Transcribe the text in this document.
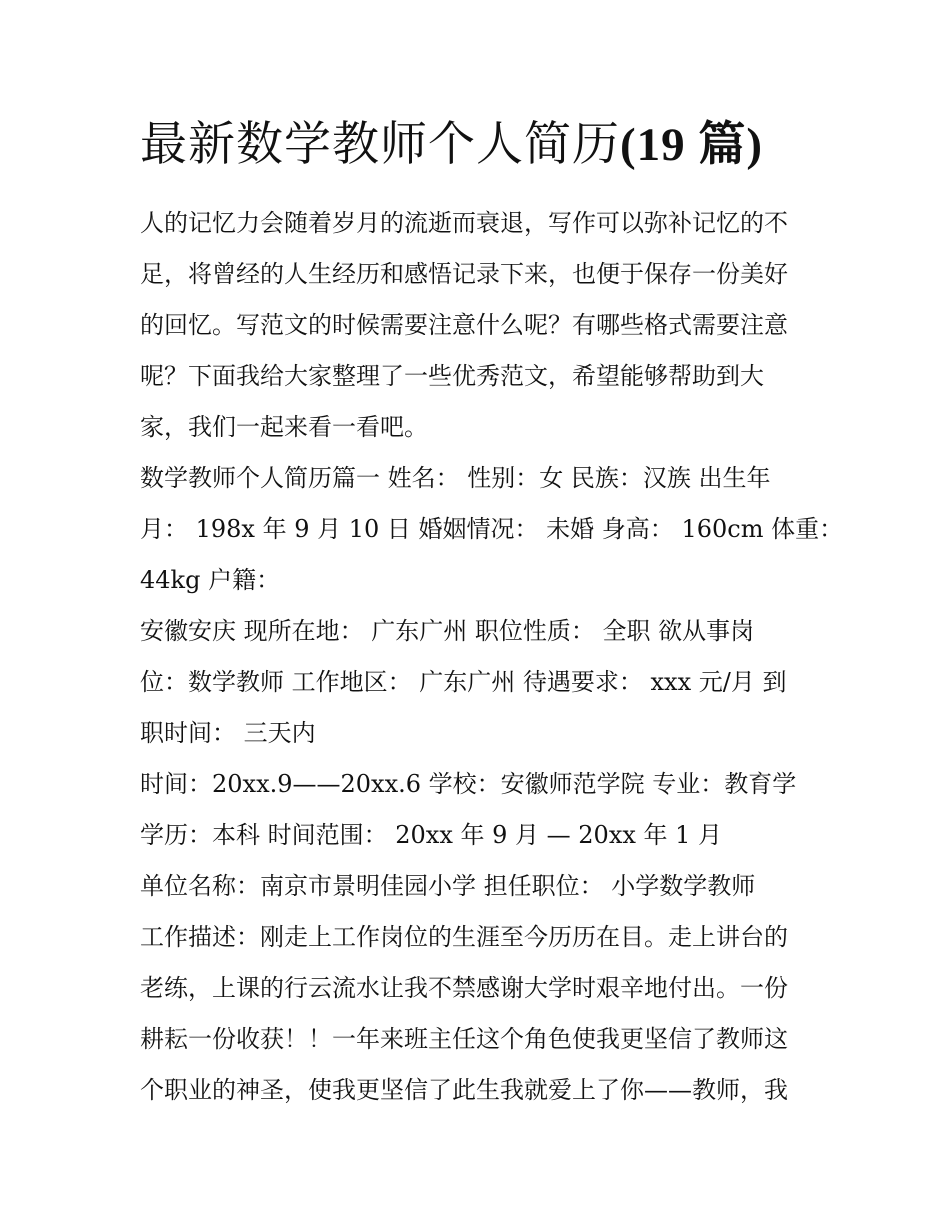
最新数学教师个人简历(19 篇)
人的记忆力会随着岁月的流逝而衰退，写作可以弥补记忆的不
足，将曾经的人生经历和感悟记录下来，也便于保存一份美好
的回忆。写范文的时候需要注意什么呢？有哪些格式需要注意
呢？下面我给大家整理了一些优秀范文，希望能够帮助到大
家，我们一起来看一看吧。
数学教师个人简历篇一 姓名： 性别：女 民族：汉族 出生年
月： 198x 年 9 月 10 日 婚姻情况： 未婚 身高： 160cm 体重：
44kg 户籍：
安徽安庆 现所在地： 广东广州 职位性质： 全职 欲从事岗
位：数学教师 工作地区： 广东广州 待遇要求： xxx 元/月 到
职时间： 三天内
时间：20xx.9——20xx.6 学校：安徽师范学院 专业：教育学
学历：本科 时间范围： 20xx 年 9 月 — 20xx 年 1 月
单位名称：南京市景明佳园小学 担任职位： 小学数学教师
工作描述：刚走上工作岗位的生涯至今历历在目。走上讲台的
老练，上课的行云流水让我不禁感谢大学时艰辛地付出。一份
耕耘一份收获！！一年来班主任这个角色使我更坚信了教师这
个职业的神圣，使我更坚信了此生我就爱上了你——教师，我
